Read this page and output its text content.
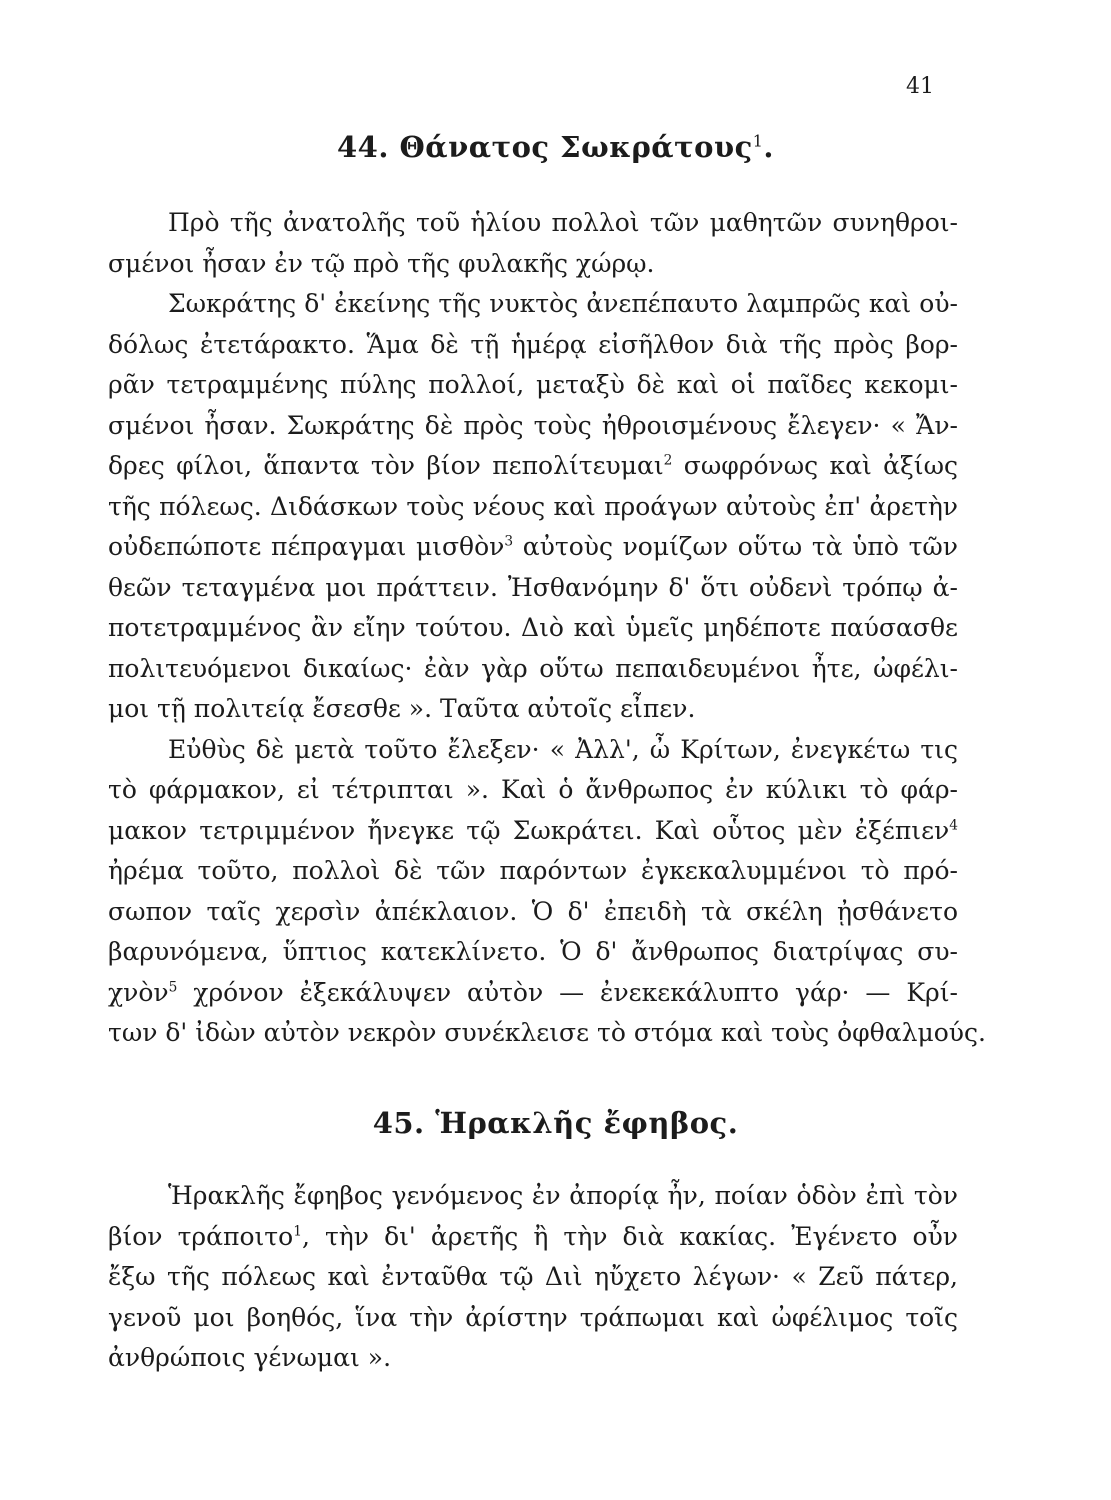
41
44. Θάνατος Σωκράτους$^1$.
Πρὸ τῆς ἀνατολῆς τοῦ ἡλίου πολλοὶ τῶν μαθητῶν συνηθροι-
σμένοι ἦσαν ἐν τῷ πρὸ τῆς φυλακῆς χώρῳ.
Σωκράτης δ' ἐκείνης τῆς νυκτὸς ἀνεπέπαυτο λαμπρῶς καὶ οὐ-
δόλως ἐτετάρακτο. Ἅμα δὲ τῇ ἡμέρᾳ εἰσῆλθον διὰ τῆς πρὸς βορ-
ρᾶν τετραμμένης πύλης πολλοί, μεταξὺ δὲ καὶ οἱ παῖδες κεκομι-
σμένοι ἦσαν. Σωκράτης δὲ πρὸς τοὺς ἠθροισμένους ἔλεγεν· « Ἄν-
δρες φίλοι, ἅπαντα τὸν βίον πεπολίτευμαι$^2$ σωφρόνως καὶ ἀξίως
τῆς πόλεως. Διδάσκων τοὺς νέους καὶ προάγων αὐτοὺς ἐπ' ἀρετὴν
οὐδεπώποτε πέπραγμαι μισθὸν$^3$ αὐτοὺς νομίζων οὕτω τὰ ὑπὸ τῶν
θεῶν τεταγμένα μοι πράττειν. Ἠσθανόμην δ' ὅτι οὐδενὶ τρόπῳ ἀ-
ποτετραμμένος ἂν εἴην τούτου. Διὸ καὶ ὑμεῖς μηδέποτε παύσασθε
πολιτευόμενοι δικαίως· ἐὰν γὰρ οὕτω πεπαιδευμένοι ἦτε, ὠφέλι-
μοι τῇ πολιτείᾳ ἔσεσθε ». Ταῦτα αὐτοῖς εἶπεν.
Εὐθὺς δὲ μετὰ τοῦτο ἔλεξεν· « Ἀλλ', ὦ Κρίτων, ἐνεγκέτω τις
τὸ φάρμακον, εἰ τέτριπται ». Καὶ ὁ ἄνθρωπος ἐν κύλικι τὸ φάρ-
μακον τετριμμένον ἤνεγκε τῷ Σωκράτει. Καὶ οὗτος μὲν ἐξέπιεν$^4$
ἠρέμα τοῦτο, πολλοὶ δὲ τῶν παρόντων ἐγκεκαλυμμένοι τὸ πρό-
σωπον ταῖς χερσὶν ἀπέκλαιον. Ὁ δ' ἐπειδὴ τὰ σκέλη ᾐσθάνετο
βαρυνόμενα, ὕπτιος κατεκλίνετο. Ὁ δ' ἄνθρωπος διατρίψας συ-
χνὸν$^5$ χρόνον ἐξεκάλυψεν αὐτὸν — ἐνεκεκάλυπτο γάρ· — Κρί-
των δ' ἰδὼν αὐτὸν νεκρὸν συνέκλεισε τὸ στόμα καὶ τοὺς ὀφθαλμούς.
45. Ἡρακλῆς ἔφηβος.
Ἡρακλῆς ἔφηβος γενόμενος ἐν ἀπορίᾳ ἦν, ποίαν ὁδὸν ἐπὶ τὸν
βίον τράποιτο$^1$, τὴν δι' ἀρετῆς ἢ τὴν διὰ κακίας. Ἐγένετο οὖν
ἔξω τῆς πόλεως καὶ ἐνταῦθα τῷ Διὶ ηὔχετο λέγων· « Ζεῦ πάτερ,
γενοῦ μοι βοηθός, ἵνα τὴν ἀρίστην τράπωμαι καὶ ὠφέλιμος τοῖς
ἀνθρώποις γένωμαι ».
